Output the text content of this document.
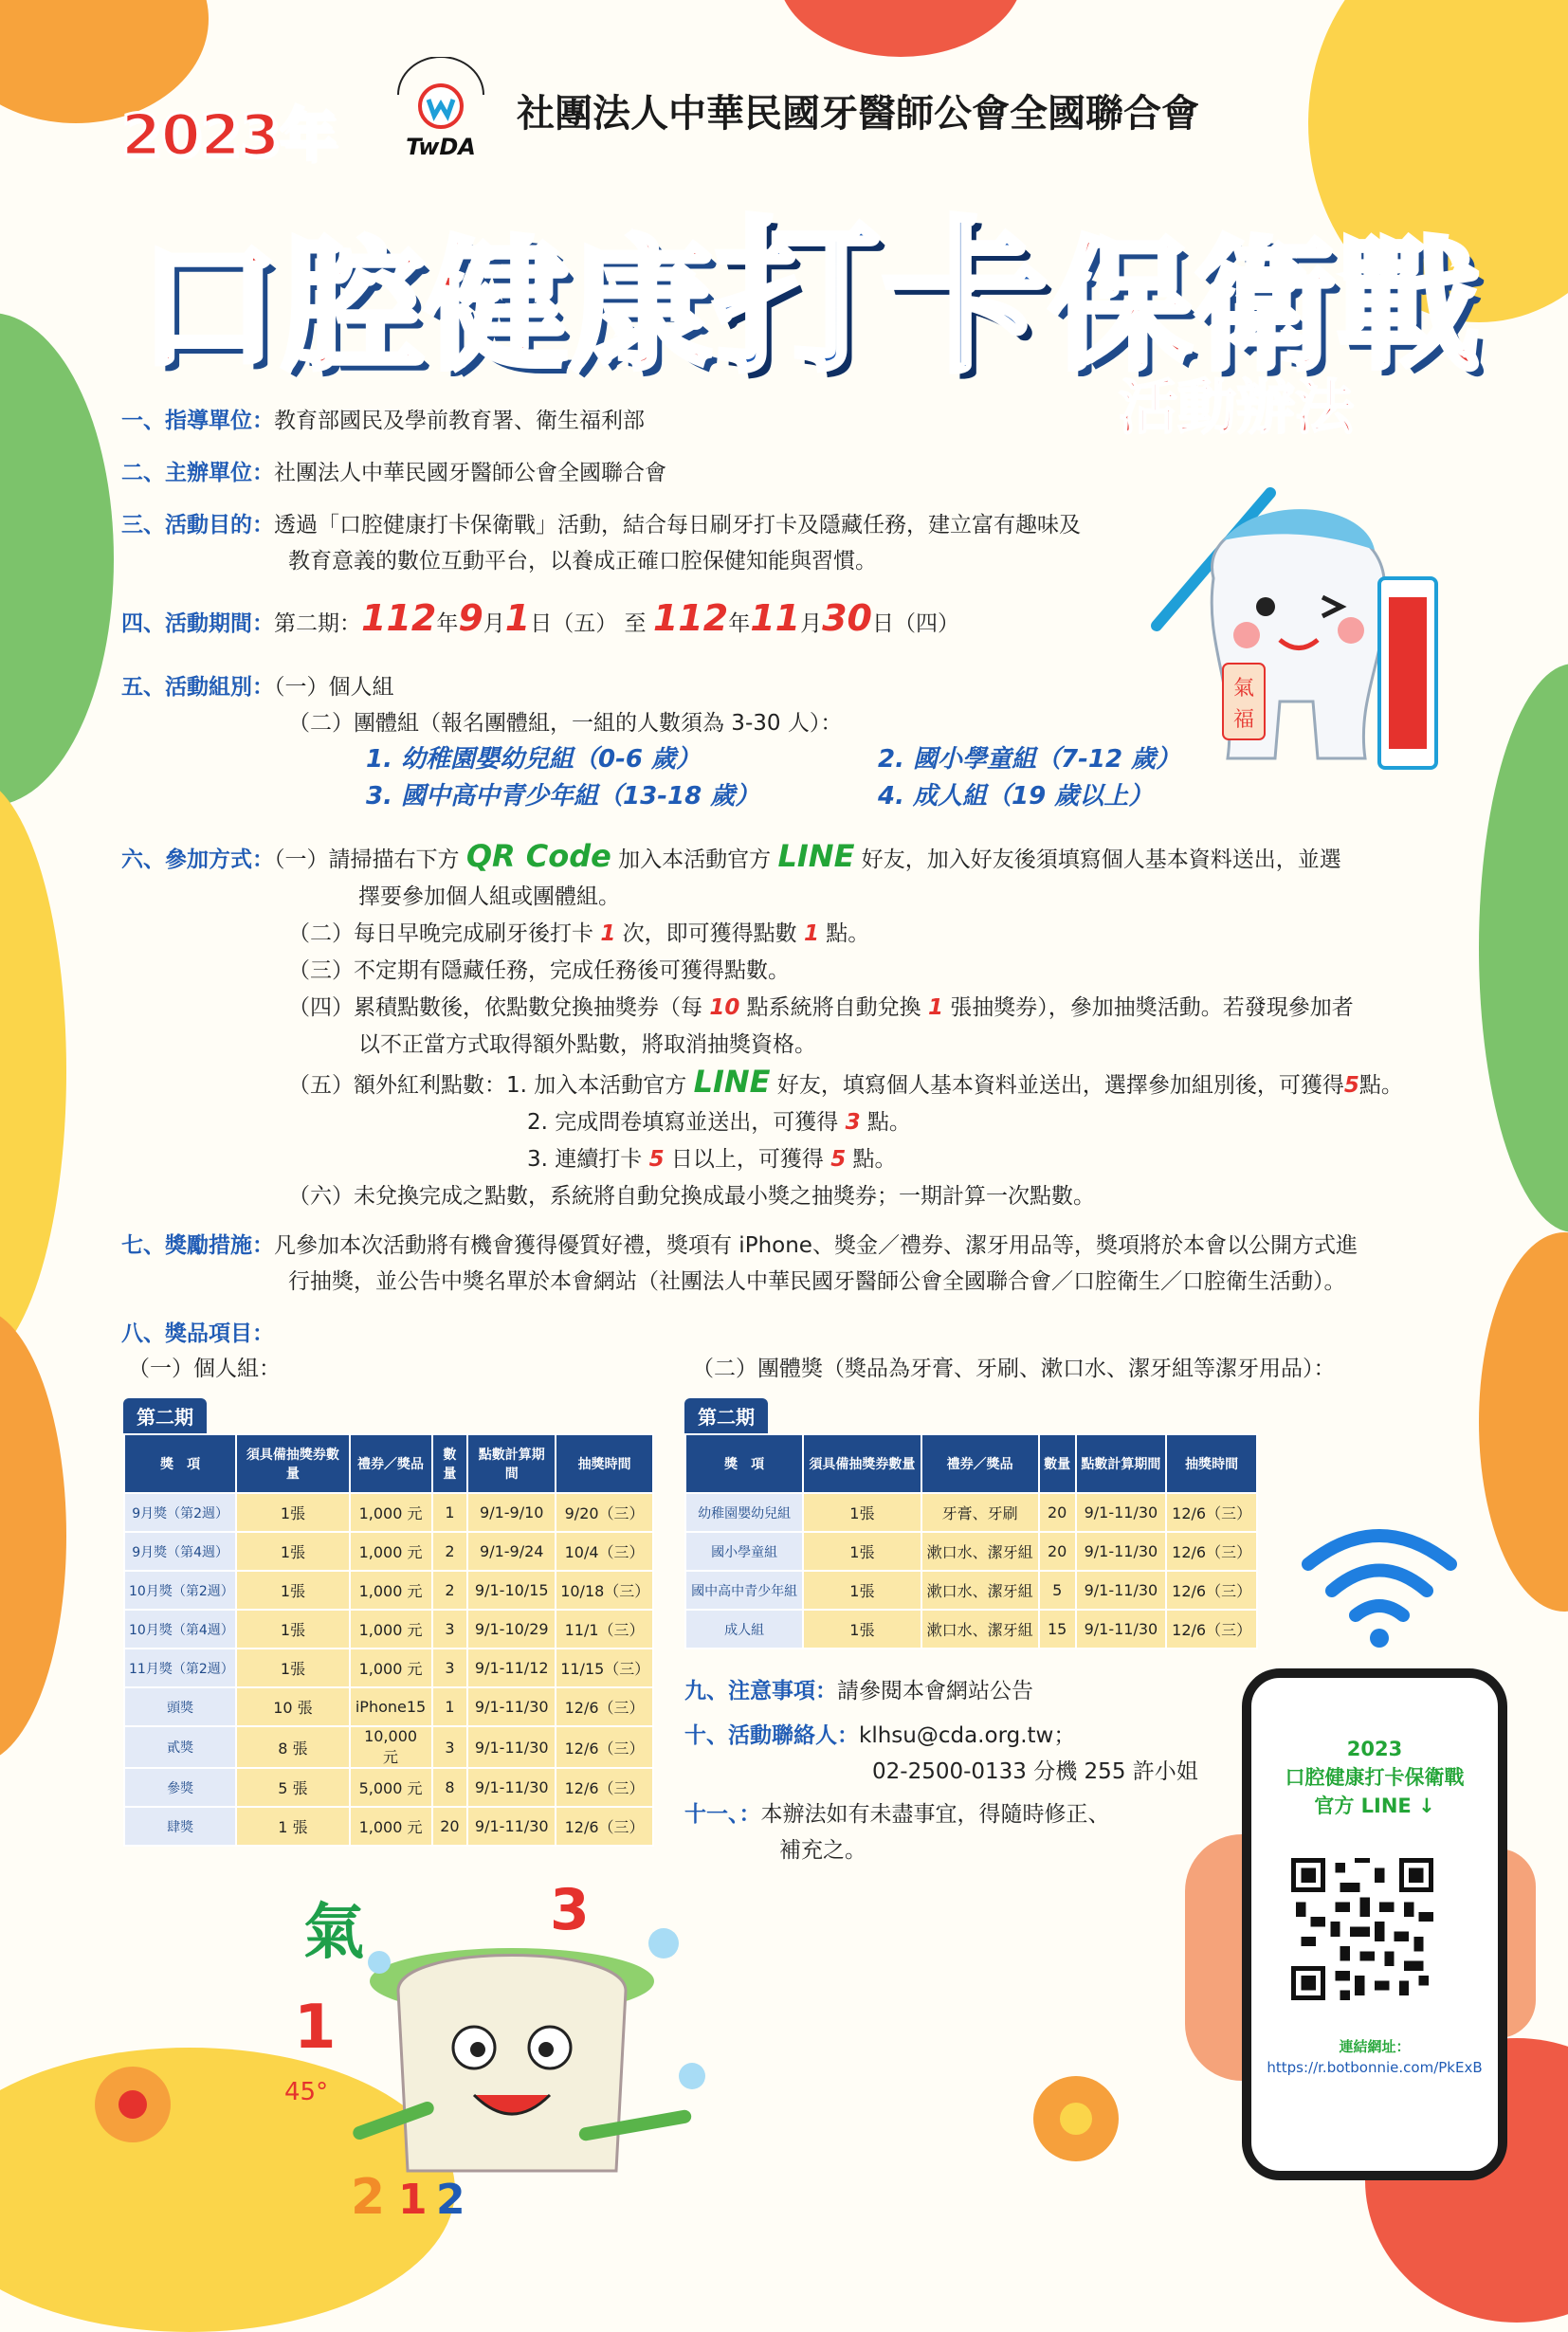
2023年	TwDA
社團法人中華民國牙醫師公會全國聯合會
口腔健康打卡保衛戰
活動辦法
氣
福
一、指導單位：教育部國民及學前教育署、衛生福利部
二、主辦單位：社團法人中華民國牙醫師公會全國聯合會
三、活動目的：透過「口腔健康打卡保衛戰」活動，結合每日刷牙打卡及隱藏任務，建立富有趣味及
教育意義的數位互動平台，以養成正確口腔保健知能與習慣。
四、活動期間：第二期：112年9月1日（五） 至 112年11月30日（四）
五、活動組別：（一）個人組
（二）團體組（報名團體組，一組的人數須為 3-30 人）：
1. 幼稚園嬰幼兒組（0-6 歲）	2. 國小學童組（7-12 歲）
3. 國中高中青少年組（13-18 歲）	4. 成人組（19 歲以上）
六、參加方式：（一）請掃描右下方 QR Code 加入本活動官方 LINE 好友，加入好友後須填寫個人基本資料送出，並選
擇要參加個人組或團體組。
（二）每日早晚完成刷牙後打卡 1 次，即可獲得點數 1 點。
（三）不定期有隱藏任務，完成任務後可獲得點數。
（四）累積點數後，依點數兌換抽獎券（每 10 點系統將自動兌換 1 張抽獎券），參加抽獎活動。若發現參加者
以不正當方式取得額外點數，將取消抽獎資格。
（五）額外紅利點數：1. 加入本活動官方 LINE 好友，填寫個人基本資料並送出，選擇參加組別後，可獲得5點。
2. 完成問卷填寫並送出，可獲得 3 點。
3. 連續打卡 5 日以上，可獲得 5 點。
（六）未兌換完成之點數，系統將自動兌換成最小獎之抽獎券；一期計算一次點數。
七、獎勵措施：凡參加本次活動將有機會獲得優質好禮，獎項有 iPhone、獎金／禮券、潔牙用品等，獎項將於本會以公開方式進
行抽獎，並公告中獎名單於本會網站（社團法人中華民國牙醫師公會全國聯合會／口腔衛生／口腔衛生活動）。
八、獎品項目：
（一）個人組：	（二）團體獎（獎品為牙膏、牙刷、漱口水、潔牙組等潔牙用品）：
第二期
獎　項	須具備抽獎券數量	禮券／獎品	數量	點數計算期間	抽獎時間
9月獎（第2週）	1張	1,000 元	1	9/1-9/10	9/20（三）
9月獎（第4週）	1張	1,000 元	2	9/1-9/24	10/4（三）
10月獎（第2週）	1張	1,000 元	2	9/1-10/15	10/18（三）
10月獎（第4週）	1張	1,000 元	3	9/1-10/29	11/1（三）
11月獎（第2週）	1張	1,000 元	3	9/1-11/12	11/15（三）
頭獎	10 張	iPhone15	1	9/1-11/30	12/6（三）
貳獎	8 張	10,000 元	3	9/1-11/30	12/6（三）
參獎	5 張	5,000 元	8	9/1-11/30	12/6（三）
肆獎	1 張	1,000 元	20	9/1-11/30	12/6（三）
第二期
獎　項	須具備抽獎券數量	禮券／獎品	數量	點數計算期間	抽獎時間
幼稚園嬰幼兒組	1張	牙膏、牙刷	20	9/1-11/30	12/6（三）
國小學童組	1張	漱口水、潔牙組	20	9/1-11/30	12/6（三）
國中高中青少年組	1張	漱口水、潔牙組	5	9/1-11/30	12/6（三）
成人組	1張	漱口水、潔牙組	15	9/1-11/30	12/6（三）
九、注意事項：請參閱本會網站公告
十、活動聯絡人：klhsu@cda.org.tw；
02-2500-0133 分機 255 許小姐
十一、：本辦法如有未盡事宜，得隨時修正、
補充之。
2023
口腔健康打卡保衛戰
官方 LINE ↓
連結網址：
https://r.botbonnie.com/PkExB
氣	3
1
45°
2 1 2
